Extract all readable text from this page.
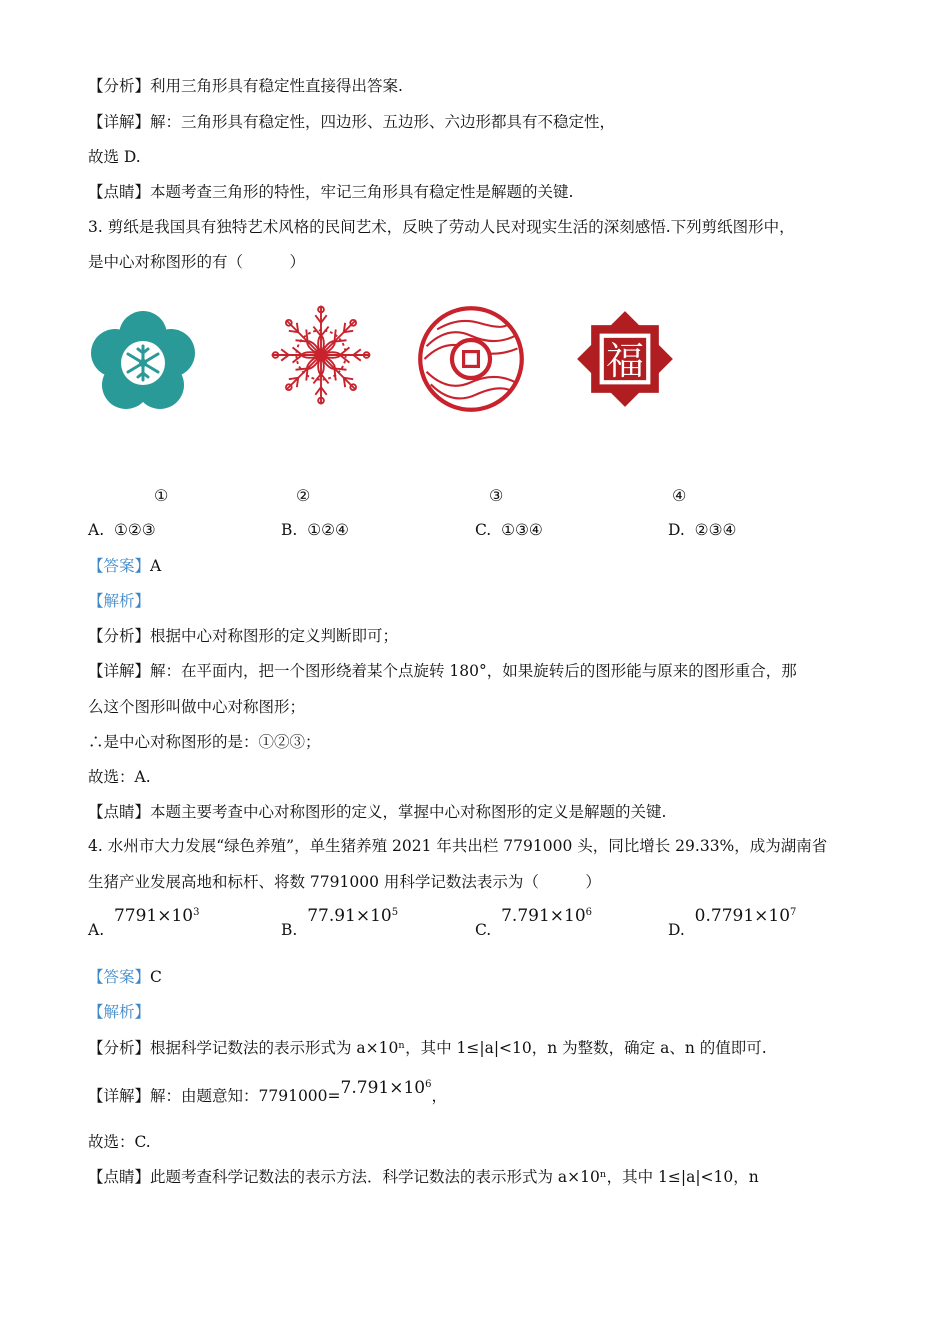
【分析】利用三角形具有稳定性直接得出答案.
【详解】解：三角形具有稳定性，四边形、五边形、六边形都具有不稳定性，
故选 D.
【点睛】本题考查三角形的特性，牢记三角形具有稳定性是解题的关键.
3. 剪纸是我国具有独特艺术风格的民间艺术，反映了劳动人民对现实生活的深刻感悟.下列剪纸图形中，
是中心对称图形的有（　　　）
福
①	②	③	④
A. ①②③	B. ①②④	C. ①③④	D. ②③④
【答案】A
【解析】
【分析】根据中心对称图形的定义判断即可；
【详解】解：在平面内，把一个图形绕着某个点旋转 180°，如果旋转后的图形能与原来的图形重合，那
么这个图形叫做中心对称图形；
∴是中心对称图形的是：①②③；
故选：A.
【点睛】本题主要考查中心对称图形的定义，掌握中心对称图形的定义是解题的关键.
4. 水州市大力发展“绿色养殖”，单生猪养殖 2021 年共出栏 7791000 头，同比增长 29.33%，成为湖南省
生猪产业发展高地和标杆、将数 7791000 用科学记数法表示为（　　　）
A.  $7791\times 10^3$
B.  $77.91\times 10^5$
C.  $7.791\times 10^6$
D.  $0.7791\times 10^7$
【答案】C
【解析】
【分析】根据科学记数法的表示形式为 a×10ⁿ，其中 1≤|a|<10，n 为整数，确定 a、n 的值即可.
【详解】解：由题意知：$7791000=7.791\times 10^6$，
故选：C.
【点睛】此题考查科学记数法的表示方法．科学记数法的表示形式为 a×10ⁿ，其中 1≤|a|<10，n
